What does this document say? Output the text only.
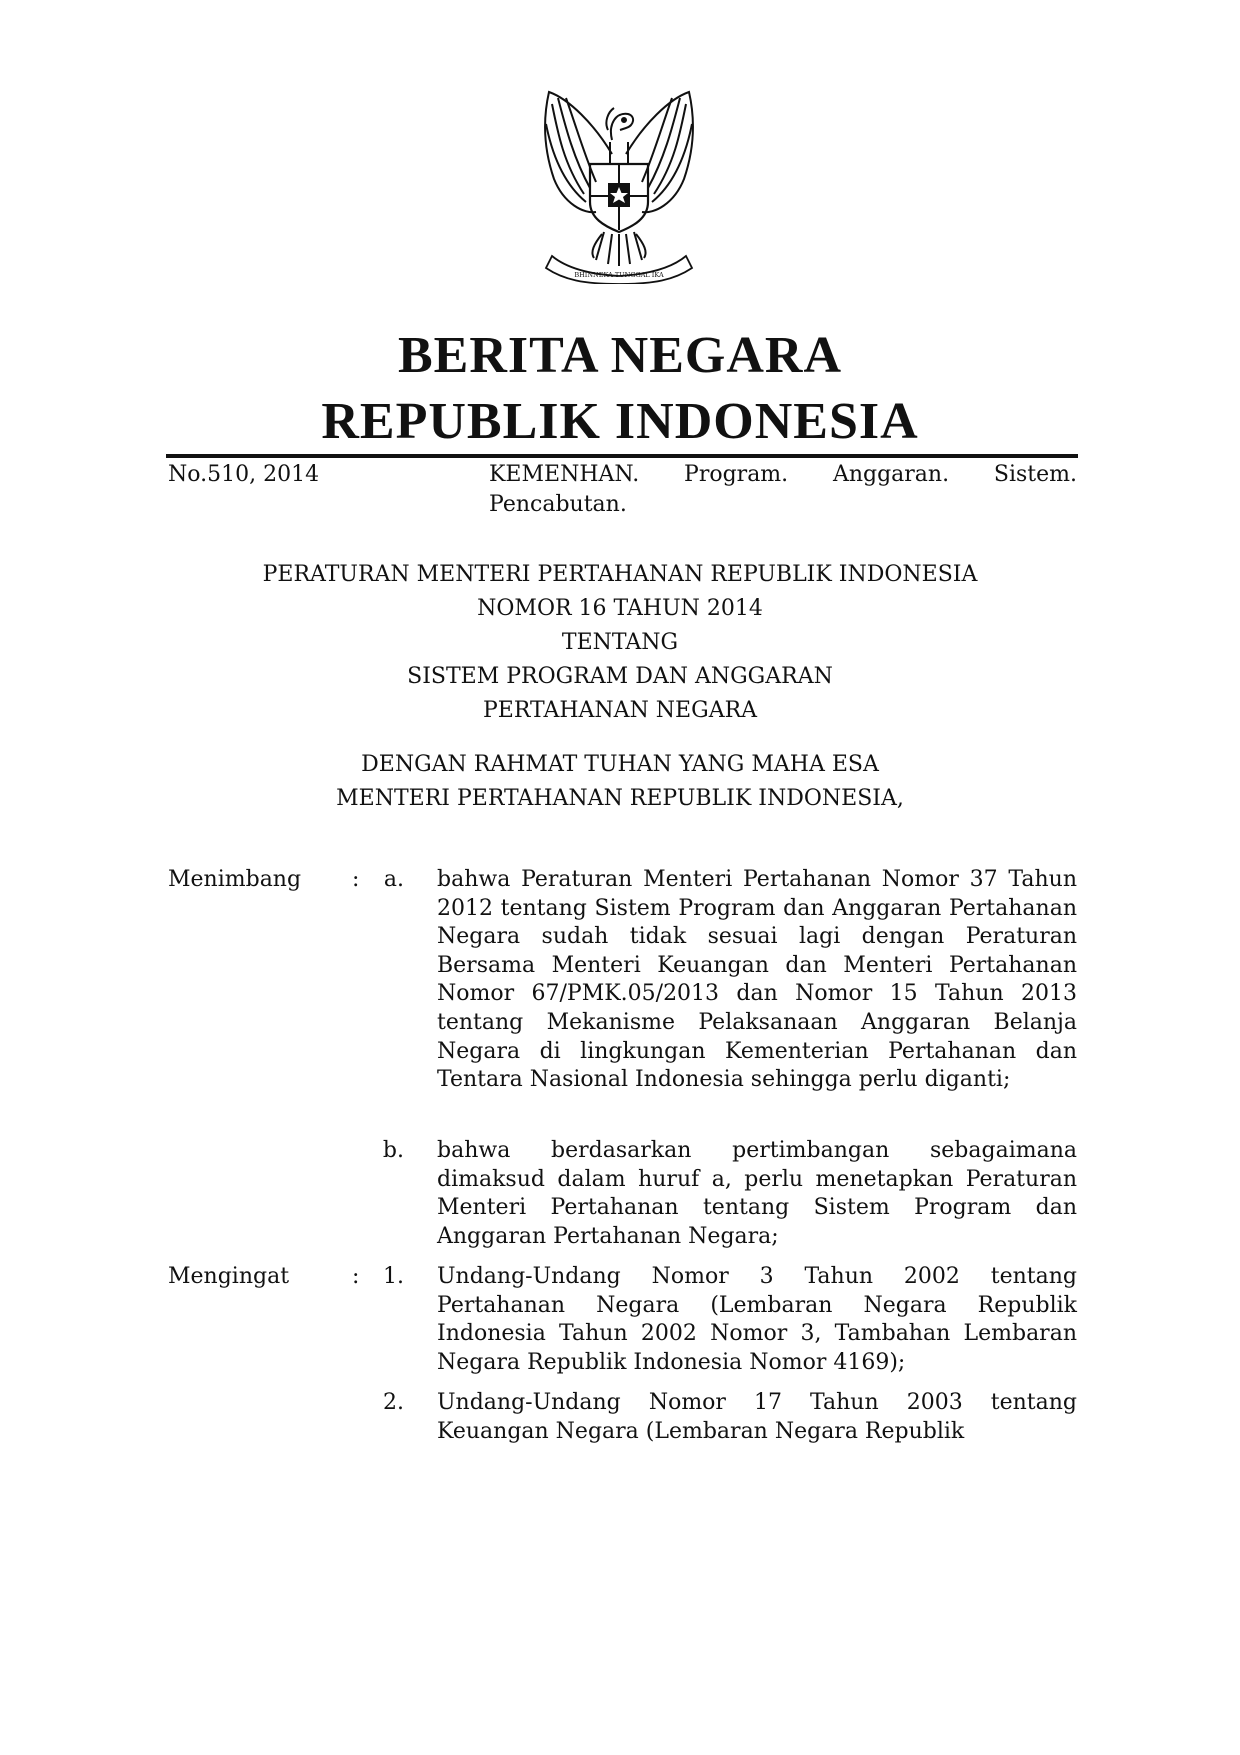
BHINNEKA TUNGGAL IKA
BERITA NEGARA
REPUBLIK INDONESIA
No.510, 2014	KEMENHAN. Program. Anggaran. Sistem.
Pencabutan.
PERATURAN MENTERI PERTAHANAN REPUBLIK INDONESIA
NOMOR 16 TAHUN 2014
TENTANG
SISTEM PROGRAM DAN ANGGARAN
PERTAHANAN NEGARA
DENGAN RAHMAT TUHAN YANG MAHA ESA
MENTERI PERTAHANAN REPUBLIK INDONESIA,
Menimbang :	a. bahwa Peraturan Menteri Pertahanan Nomor 37 Tahun 2012 tentang Sistem Program dan Anggaran Pertahanan Negara sudah tidak sesuai lagi dengan Peraturan Bersama Menteri Keuangan dan Menteri Pertahanan Nomor 67/PMK.05/2013 dan Nomor 15 Tahun 2013 tentang Mekanisme Pelaksanaan Anggaran Belanja Negara di lingkungan Kementerian Pertahanan dan Tentara Nasional Indonesia sehingga perlu diganti;
b. bahwa berdasarkan pertimbangan sebagaimana dimaksud dalam huruf a, perlu menetapkan Peraturan Menteri Pertahanan tentang Sistem Program dan Anggaran Pertahanan Negara;
Mengingat	:	1. Undang-Undang Nomor 3 Tahun 2002 tentang Pertahanan Negara (Lembaran Negara Republik Indonesia Tahun 2002 Nomor 3, Tambahan Lembaran Negara Republik Indonesia Nomor 4169);
2. Undang-Undang Nomor 17 Tahun 2003 tentang Keuangan Negara (Lembaran Negara Republik
